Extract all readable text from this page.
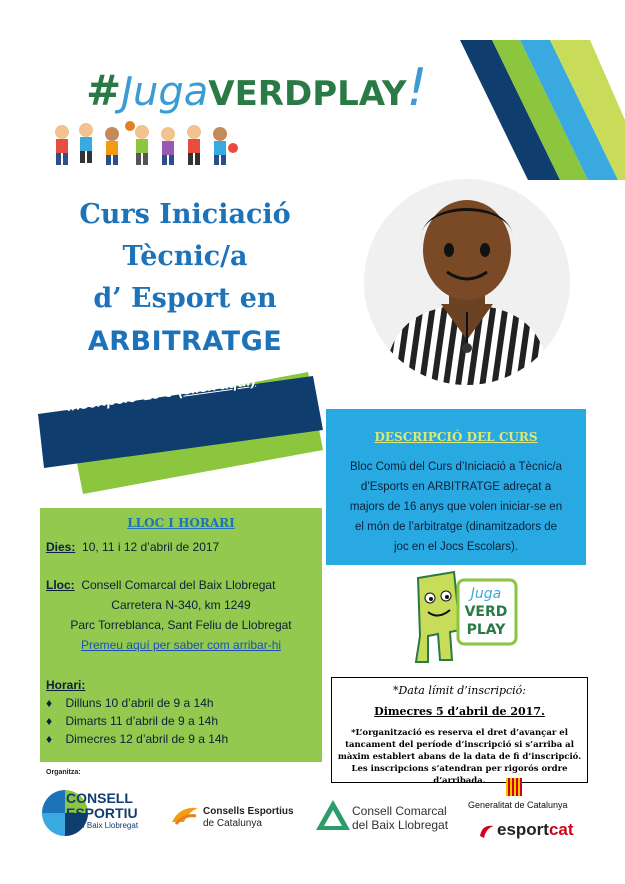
#JugaVERDPLAY!
Curs Iniciació
Tècnic/a
d’ Esport en
ARBITRATGE
Inscripció 15 € (click aquí)
DESCRIPCIÓ DEL CURS
Bloc Comú del Curs d’Iniciació a Tècnic/a
d’Esports en ARBITRATGE adreçat a
majors de 16 anys que volen iniciar-se en
el món de l’arbitratge (dinamitzadors de
joc en el Jocs Escolars).
LLOC I HORARI
Dies: 10, 11 i 12 d’abril de 2017
Lloc: Consell Comarcal del Baix Llobregat
Carretera N-340, km 1249
Parc Torreblanca, Sant Feliu de Llobregat
Premeu aquí per saber com arribar-hi
Horari:
♦ Dilluns 10 d’abril de 9 a 14h
♦ Dimarts 11 d’abril de 9 a 14h
♦ Dimecres 12 d’abril de 9 a 14h
Juga
VERD
PLAY
*Data límit d’inscripció:
Dimecres 5 d’abril de 2017.
*L’organització es reserva el dret d’avançar el tancament del període d’inscripció si s’arriba al màxim establert abans de la data de fi d’inscripció. Les inscripcions s’atendran per rigorós ordre d’arribada.
Organitza:
CONSELL
ESPORTIU
del Baix Llobregat
Consells Esportius
de Catalunya
Consell Comarcal
del Baix Llobregat
Generalitat de Catalunya
esportcat
